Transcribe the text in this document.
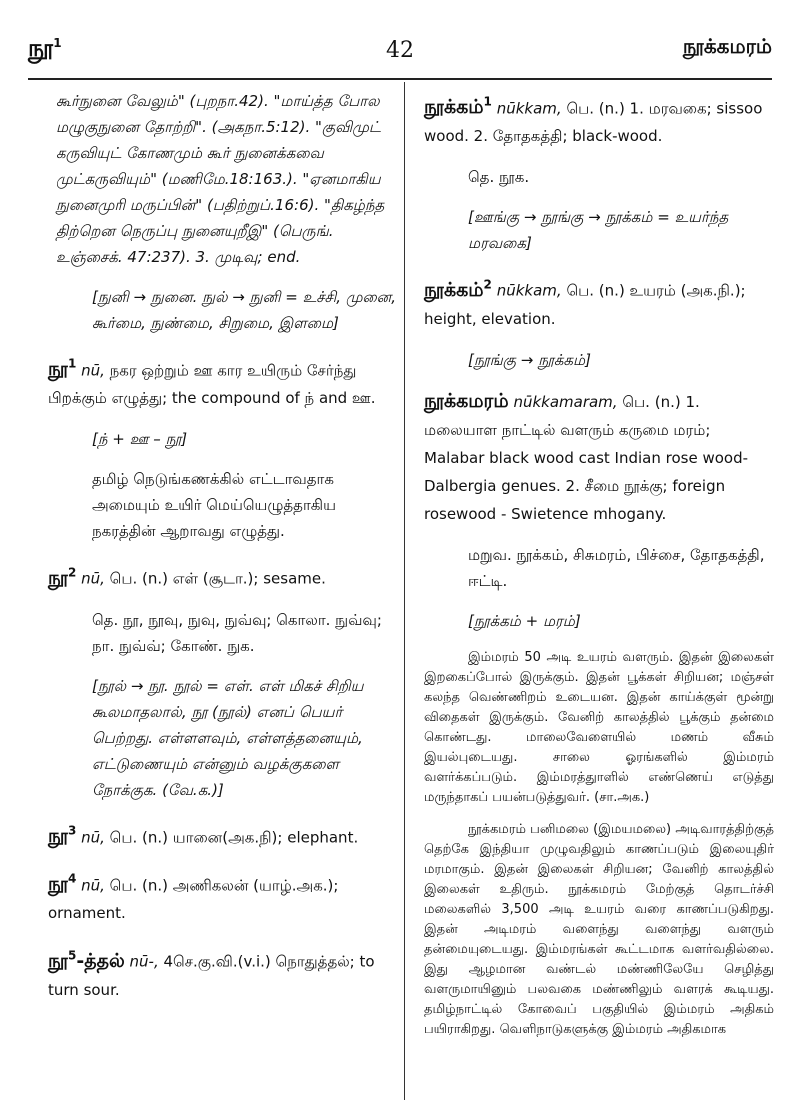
நூ$^1$	42	நூக்கமரம்

கூர்நுனை வேலும்" (புறநா.42). "மாய்த்த போல மழுகுநுனை தோற்றி". (அகநா.5:12). "குவிமுட் கருவியுட் கோணமும் கூர் நுனைக்கவை முட்கருவியும்" (மணிமே.18:163.). "ஏனமாகிய நுனைமுரி மருப்பின்" (பதிற்றுப்.16:6). "திகழ்ந்த திற்றென நெருப்பு நுனையுறீஇ" (பெருங். உஞ்சைக். 47:237). 3. முடிவு; end.

[நுனி → நுனை. நுல் → நுனி = உச்சி, முனை, கூர்மை, நுண்மை, சிறுமை, இளமை]

நூ$^1$ nū, நகர ஒற்றும் ஊ கார உயிரும் சேர்ந்து பிறக்கும் எழுத்து; the compound of ந் and ஊ.

[ந் + ஊ – நூ]

தமிழ் நெடுங்கணக்கில் எட்டாவதாக அமையும் உயிர் மெய்யெழுத்தாகிய நகரத்தின் ஆறாவது எழுத்து.

நூ$^2$ nū, பெ. (n.) எள் (சூடா.); sesame.

தெ. நூ, நூவு, நுவு, நுவ்வு; கொலா. நுவ்வு; நா. நுவ்வ்; கோண். நுக.

[நூல் → நூ. நூல் = எள். எள் மிகச் சிறிய கூலமாதலால், நூ (நூல்) எனப் பெயர் பெற்றது. எள்ளளவும், எள்ளத்தனையும், எட்டுணையும் என்னும் வழக்குகளை நோக்குக. (வே.க.)]

நூ$^3$ nū, பெ. (n.) யானை(அக.நி); elephant.
நூ$^4$ nū, பெ. (n.) அணிகலன் (யாழ்.அக.); ornament.
நூ$^5$-த்தல் nū-, 4செ.கு.வி.(v.i.) நொதுத்தல்; to turn sour.
நூக்கம்$^1$ nūkkam, பெ. (n.) 1. மரவகை; sissoo wood. 2. தோதகத்தி; black-wood.

தெ. நூக.

[ஊங்கு → நூங்கு → நூக்கம் = உயர்ந்த மரவகை]

நூக்கம்$^2$ nūkkam, பெ. (n.) உயரம் (அக.நி.); height, elevation.

[நூங்கு → நூக்கம்]

நூக்கமரம் nūkkamaram, பெ. (n.) 1. மலையாள நாட்டில் வளரும் கருமை மரம்; Malabar black wood cast Indian rose wood-Dalbergia genues. 2. சீமை நூக்கு; foreign rosewood - Swietence mhogany.

மறுவ. நூக்கம், சிசுமரம், பிச்சை, தோதகத்தி, ஈட்டி.

[நூக்கம் + மரம்]

இம்மரம் 50 அடி உயரம் வளரும். இதன் இலைகள் இறகைப்போல் இருக்கும். இதன் பூக்கள் சிறியன; மஞ்சள் கலந்த வெண்ணிறம் உடையன. இதன் காய்க்குள் மூன்று விதைகள் இருக்கும். வேனிற் காலத்தில் பூக்கும் தன்மை கொண்டது. மாலைவேளையில் மணம் வீசும் இயல்புடையது. சாலை ஓரங்களில் இம்மரம் வளர்க்கப்படும். இம்மரத்துாளில் எண்ணெய் எடுத்து மருந்தாகப் பயன்படுத்துவர். (சா.அக.)

நூக்கமரம் பனிமலை (இமயமலை) அடிவாரத்திற்குத் தெற்கே இந்தியா முழுவதிலும் காணப்படும் இலையுதிர் மரமாகும். இதன் இலைகள் சிறியன; வேனிற் காலத்தில் இலைகள் உதிரும். நூக்கமரம் மேற்குத் தொடர்ச்சி மலைகளில் 3,500 அடி உயரம் வரை காணப்படுகிறது. இதன் அடிமரம் வளைந்து வளைந்து வளரும் தன்மையுடையது. இம்மரங்கள் கூட்டமாக வளர்வதில்லை. இது ஆழமான வண்டல் மண்ணிலேயே செழித்து வளருமாயினும் பலவகை மண்ணிலும் வளரக் கூடியது. தமிழ்நாட்டில் கோவைப் பகுதியில் இம்மரம் அதிகம் பயிராகிறது. வெளிநாடுகளுக்கு இம்மரம் அதிகமாக
